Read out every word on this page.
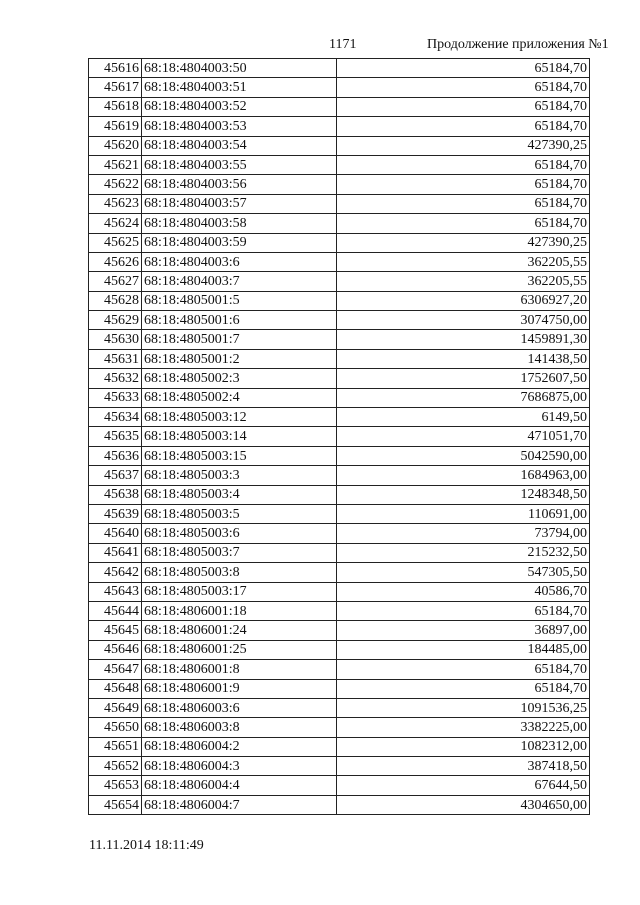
1171	Продолжение приложения №1
45616	68:18:4804003:50	65184,70
45617	68:18:4804003:51	65184,70
45618	68:18:4804003:52	65184,70
45619	68:18:4804003:53	65184,70
45620	68:18:4804003:54	427390,25
45621	68:18:4804003:55	65184,70
45622	68:18:4804003:56	65184,70
45623	68:18:4804003:57	65184,70
45624	68:18:4804003:58	65184,70
45625	68:18:4804003:59	427390,25
45626	68:18:4804003:6	362205,55
45627	68:18:4804003:7	362205,55
45628	68:18:4805001:5	6306927,20
45629	68:18:4805001:6	3074750,00
45630	68:18:4805001:7	1459891,30
45631	68:18:4805001:2	141438,50
45632	68:18:4805002:3	1752607,50
45633	68:18:4805002:4	7686875,00
45634	68:18:4805003:12	6149,50
45635	68:18:4805003:14	471051,70
45636	68:18:4805003:15	5042590,00
45637	68:18:4805003:3	1684963,00
45638	68:18:4805003:4	1248348,50
45639	68:18:4805003:5	110691,00
45640	68:18:4805003:6	73794,00
45641	68:18:4805003:7	215232,50
45642	68:18:4805003:8	547305,50
45643	68:18:4805003:17	40586,70
45644	68:18:4806001:18	65184,70
45645	68:18:4806001:24	36897,00
45646	68:18:4806001:25	184485,00
45647	68:18:4806001:8	65184,70
45648	68:18:4806001:9	65184,70
45649	68:18:4806003:6	1091536,25
45650	68:18:4806003:8	3382225,00
45651	68:18:4806004:2	1082312,00
45652	68:18:4806004:3	387418,50
45653	68:18:4806004:4	67644,50
45654	68:18:4806004:7	4304650,00
11.11.2014 18:11:49
